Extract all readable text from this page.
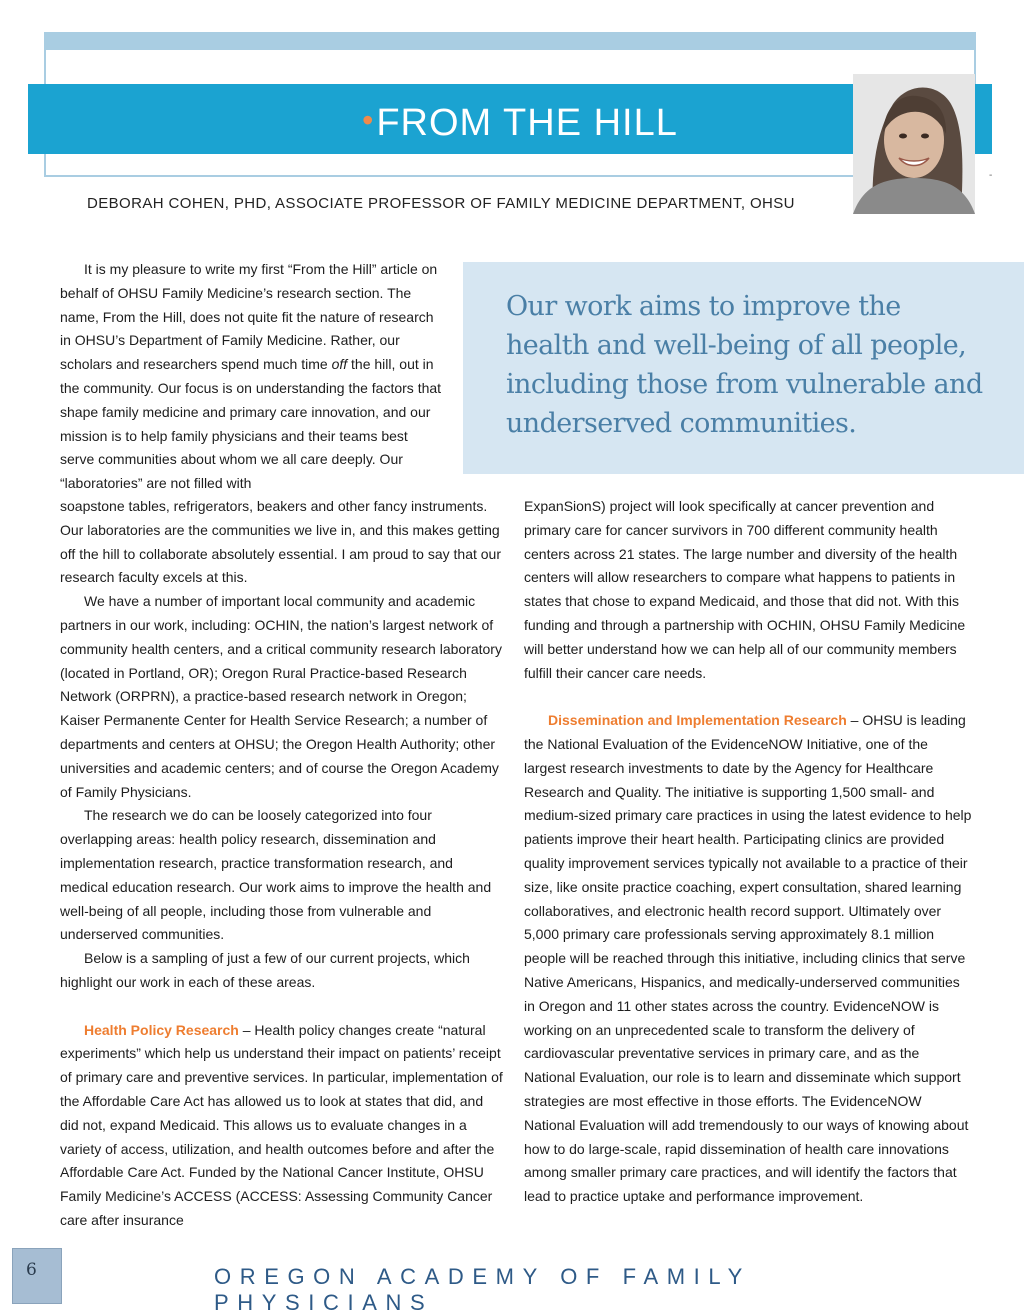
•FROM THE HILL
-
DEBORAH COHEN, PHD, ASSOCIATE PROFESSOR OF FAMILY MEDICINE DEPARTMENT, OHSU
Our work aims to improve the health and well-being of all people, including those from vulnerable and underserved communities.

It is my pleasure to write my first “From the Hill” article on behalf of OHSU Family Medicine’s research section. The name, From the Hill, does not quite fit the nature of research in OHSU’s Department of Family Medicine. Rather, our scholars and researchers spend much time off the hill, out in the community. Our focus is on understanding the factors that shape family medicine and primary care innovation, and our mission is to help family physicians and their teams best serve communities about whom we all care deeply. Our “laboratories” are not filled with

soapstone tables, refrigerators, beakers and other fancy instruments. Our laboratories are the communities we live in, and this makes getting off the hill to collaborate absolutely essential. I am proud to say that our research faculty excels at this.

We have a number of important local community and academic partners in our work, including: OCHIN, the nation’s largest network of community health centers, and a critical community research laboratory (located in Portland, OR); Oregon Rural Practice-based Research Network (ORPRN), a practice-based research network in Oregon; Kaiser Permanente Center for Health Service Research; a number of departments and centers at OHSU; the Oregon Health Authority; other universities and academic centers; and of course the Oregon Academy of Family Physicians.

The research we do can be loosely categorized into four overlapping areas: health policy research, dissemination and implementation research, practice transformation research, and medical education research. Our work aims to improve the health and well-being of all people, including those from vulnerable and underserved communities.

Below is a sampling of just a few of our current projects, which highlight our work in each of these areas.

Health Policy Research – Health policy changes create “natural experiments” which help us understand their impact on patients’ receipt of primary care and preventive services. In particular, implementation of the Affordable Care Act has allowed us to look at states that did, and did not, expand Medicaid. This allows us to evaluate changes in a variety of access, utilization, and health outcomes before and after the Affordable Care Act. Funded by the National Cancer Institute, OHSU Family Medicine’s ACCESS (ACCESS: Assessing Community Cancer care after insurance

ExpanSionS) project will look specifically at cancer prevention and primary care for cancer survivors in 700 different community health centers across 21 states. The large number and diversity of the health centers will allow researchers to compare what happens to patients in states that chose to expand Medicaid, and those that did not. With this funding and through a partnership with OCHIN, OHSU Family Medicine will better understand how we can help all of our community members fulfill their cancer care needs.

Dissemination and Implementation Research – OHSU is leading the National Evaluation of the EvidenceNOW Initiative, one of the largest research investments to date by the Agency for Healthcare Research and Quality. The initiative is supporting 1,500 small- and medium-sized primary care practices in using the latest evidence to help patients improve their heart health. Participating clinics are provided quality improvement services typically not available to a practice of their size, like onsite practice coaching, expert consultation, shared learning collaboratives, and electronic health record support. Ultimately over 5,000 primary care professionals serving approximately 8.1 million people will be reached through this initiative, including clinics that serve Native Americans, Hispanics, and medically-underserved communities in Oregon and 11 other states across the country. EvidenceNOW is working on an unprecedented scale to transform the delivery of cardiovascular preventative services in primary care, and as the National Evaluation, our role is to learn and disseminate which support strategies are most effective in those efforts. The EvidenceNOW National Evaluation will add tremendously to our ways of knowing about how to do large-scale, rapid dissemination of health care innovations among smaller primary care practices, and will identify the factors that lead to practice uptake and performance improvement.

6	OREGON ACADEMY OF FAMILY PHYSICIANS
